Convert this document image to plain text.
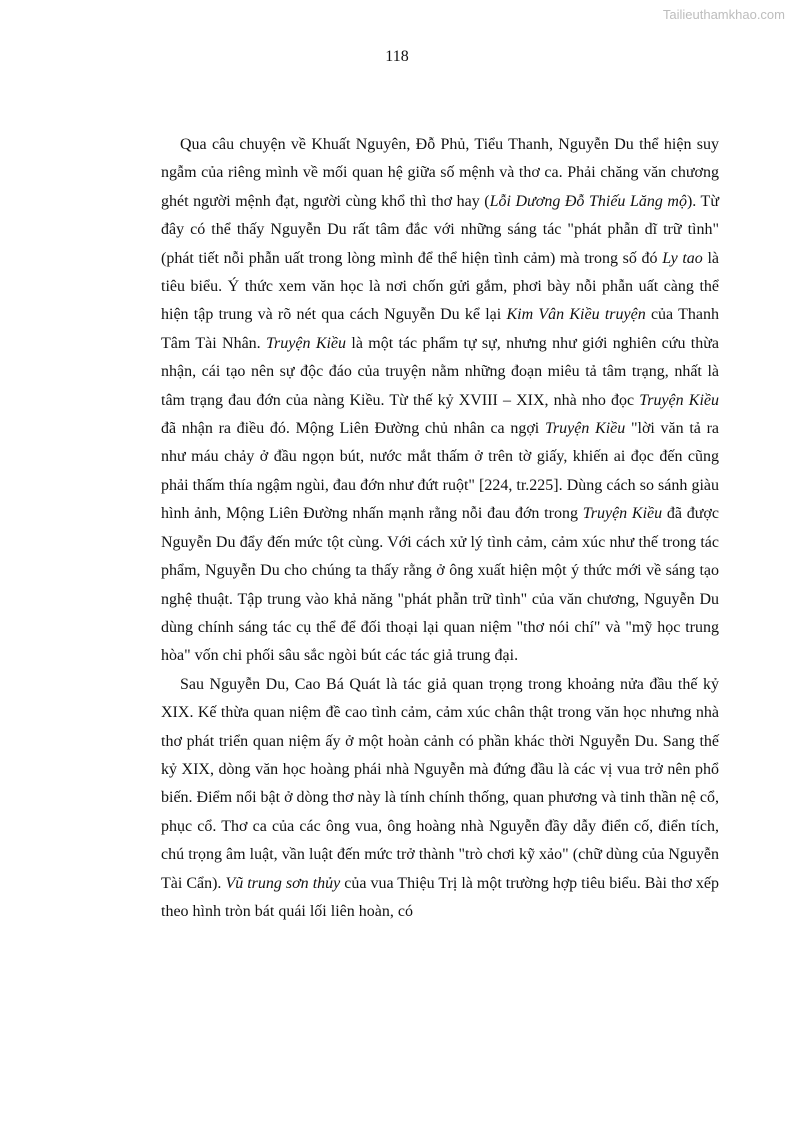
Tailieuthamkhao.com
118

Qua câu chuyện về Khuất Nguyên, Đỗ Phủ, Tiểu Thanh, Nguyễn Du thể hiện suy ngẫm của riêng mình về mối quan hệ giữa số mệnh và thơ ca. Phải chăng văn chương ghét người mệnh đạt, người cùng khổ thì thơ hay (Lỗi Dương Đỗ Thiếu Lăng mộ). Từ đây có thể thấy Nguyễn Du rất tâm đắc với những sáng tác "phát phẫn dĩ trữ tình" (phát tiết nỗi phẫn uất trong lòng mình để thể hiện tình cảm) mà trong số đó Ly tao là tiêu biểu. Ý thức xem văn học là nơi chốn gửi gắm, phơi bày nỗi phẫn uất càng thể hiện tập trung và rõ nét qua cách Nguyễn Du kể lại Kim Vân Kiều truyện của Thanh Tâm Tài Nhân. Truyện Kiều là một tác phẩm tự sự, nhưng như giới nghiên cứu thừa nhận, cái tạo nên sự độc đáo của truyện nằm những đoạn miêu tả tâm trạng, nhất là tâm trạng đau đớn của nàng Kiều. Từ thế kỷ XVIII – XIX, nhà nho đọc Truyện Kiều đã nhận ra điều đó. Mộng Liên Đường chủ nhân ca ngợi Truyện Kiều "lời văn tả ra như máu chảy ở đầu ngọn bút, nước mắt thấm ở trên tờ giấy, khiến ai đọc đến cũng phải thấm thía ngậm ngùi, đau đớn như đứt ruột" [224, tr.225]. Dùng cách so sánh giàu hình ảnh, Mộng Liên Đường nhấn mạnh rằng nỗi đau đớn trong Truyện Kiều đã được Nguyễn Du đẩy đến mức tột cùng. Với cách xử lý tình cảm, cảm xúc như thế trong tác phẩm, Nguyễn Du cho chúng ta thấy rằng ở ông xuất hiện một ý thức mới về sáng tạo nghệ thuật. Tập trung vào khả năng "phát phẫn trữ tình" của văn chương, Nguyễn Du dùng chính sáng tác cụ thể để đối thoại lại quan niệm "thơ nói chí" và "mỹ học trung hòa" vốn chi phối sâu sắc ngòi bút các tác giả trung đại.

Sau Nguyễn Du, Cao Bá Quát là tác giả quan trọng trong khoảng nửa đầu thế kỷ XIX. Kế thừa quan niệm đề cao tình cảm, cảm xúc chân thật trong văn học nhưng nhà thơ phát triển quan niệm ấy ở một hoàn cảnh có phần khác thời Nguyễn Du. Sang thế kỷ XIX, dòng văn học hoàng phái nhà Nguyễn mà đứng đầu là các vị vua trở nên phổ biến. Điểm nổi bật ở dòng thơ này là tính chính thống, quan phương và tinh thần nệ cổ, phục cổ. Thơ ca của các ông vua, ông hoàng nhà Nguyễn đầy dẫy điển cố, điển tích, chú trọng âm luật, vần luật đến mức trở thành "trò chơi kỹ xảo" (chữ dùng của Nguyễn Tài Cẩn). Vũ trung sơn thủy của vua Thiệu Trị là một trường hợp tiêu biểu. Bài thơ xếp theo hình tròn bát quái lối liên hoàn, có
